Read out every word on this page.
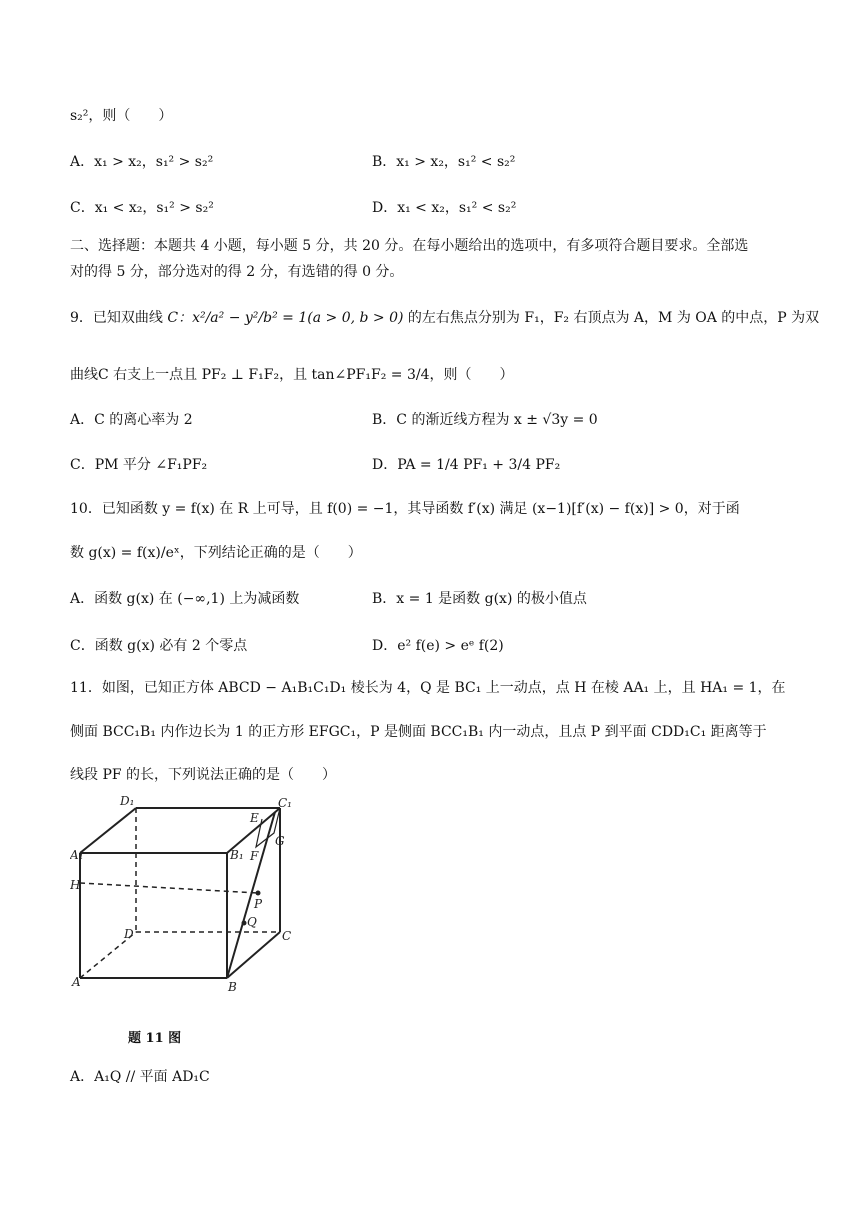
s₂²，则（　　）
A．x₁ > x₂，s₁² > s₂²	B．x₁ > x₂，s₁² < s₂²
C．x₁ < x₂，s₁² > s₂²	D．x₁ < x₂，s₁² < s₂²
二、选择题：本题共 4 小题，每小题 5 分，共 20 分。在每小题给出的选项中，有多项符合题目要求。全部选
对的得 5 分，部分选对的得 2 分，有选错的得 0 分。
9．已知双曲线 C：x²/a² − y²/b² = 1(a > 0, b > 0) 的左右焦点分别为 F₁，F₂ 右顶点为 A，M 为 OA 的中点，P 为双
曲线C 右支上一点且 PF₂ ⊥ F₁F₂，且 tan∠PF₁F₂ = 3/4，则（　　）
A．C 的离心率为 2	B．C 的渐近线方程为 x ± √3y = 0
C．PM 平分 ∠F₁PF₂	D．PA = 1/4 PF₁ + 3/4 PF₂
10．已知函数 y = f(x) 在 R 上可导，且 f(0) = −1，其导函数 f′(x) 满足 (x−1)[f′(x) − f(x)] > 0，对于函
数 g(x) = f(x)/eˣ，下列结论正确的是（　　）
A．函数 g(x) 在 (−∞,1) 上为减函数	B．x = 1 是函数 g(x) 的极小值点
C．函数 g(x) 必有 2 个零点	D．e² f(e) > eᵉ f(2)
11．如图，已知正方体 ABCD − A₁B₁C₁D₁ 棱长为 4，Q 是 BC₁ 上一动点，点 H 在棱 AA₁ 上，且 HA₁ = 1，在
侧面 BCC₁B₁ 内作边长为 1 的正方形 EFGC₁，P 是侧面 BCC₁B₁ 内一动点，且点 P 到平面 CDD₁C₁ 距离等于
线段 PF 的长，下列说法正确的是（　　）
D₁	C₁
A₁	B₁
E
G
F
H
P
Q
D	C
A	B
题 11 图
A．A₁Q // 平面 AD₁C
